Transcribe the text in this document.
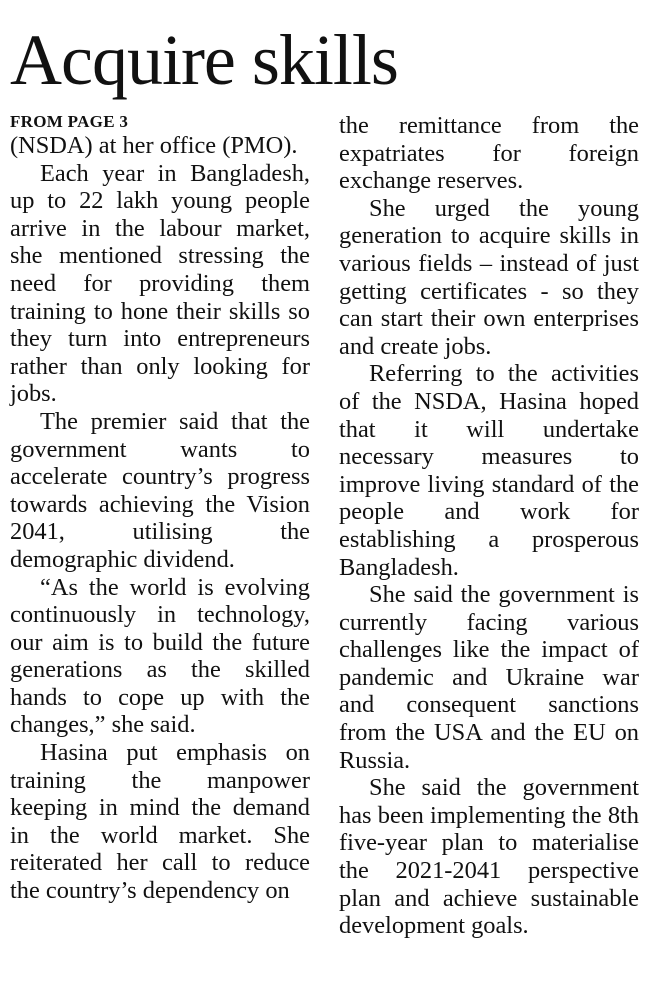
Acquire skills
FROM PAGE 3

(NSDA) at her office (PMO).

Each year in Bangladesh, up to 22 lakh young people arrive in the labour market, she mentioned stressing the need for providing them training to hone their skills so they turn into entrepreneurs rather than only looking for jobs.

The premier said that the government wants to accelerate country’s progress towards achieving the Vision 2041, utilising the demographic dividend.

“As the world is evolving continuously in technology, our aim is to build the future generations as the skilled hands to cope up with the changes,” she said.

Hasina put emphasis on training the manpower keeping in mind the demand in the world market. She reiterated her call to reduce the country’s dependency on

the remittance from the expatriates for foreign exchange reserves.

She urged the young generation to acquire skills in various fields – instead of just getting certificates - so they can start their own enterprises and create jobs.

Referring to the activities of the NSDA, Hasina hoped that it will undertake necessary measures to improve living standard of the people and work for establishing a prosperous Bangladesh.

She said the government is currently facing various challenges like the impact of pandemic and Ukraine war and consequent sanctions from the USA and the EU on Russia.

She said the government has been implementing the 8th five-year plan to materialise the 2021-2041 perspective plan and achieve sustainable development goals.
